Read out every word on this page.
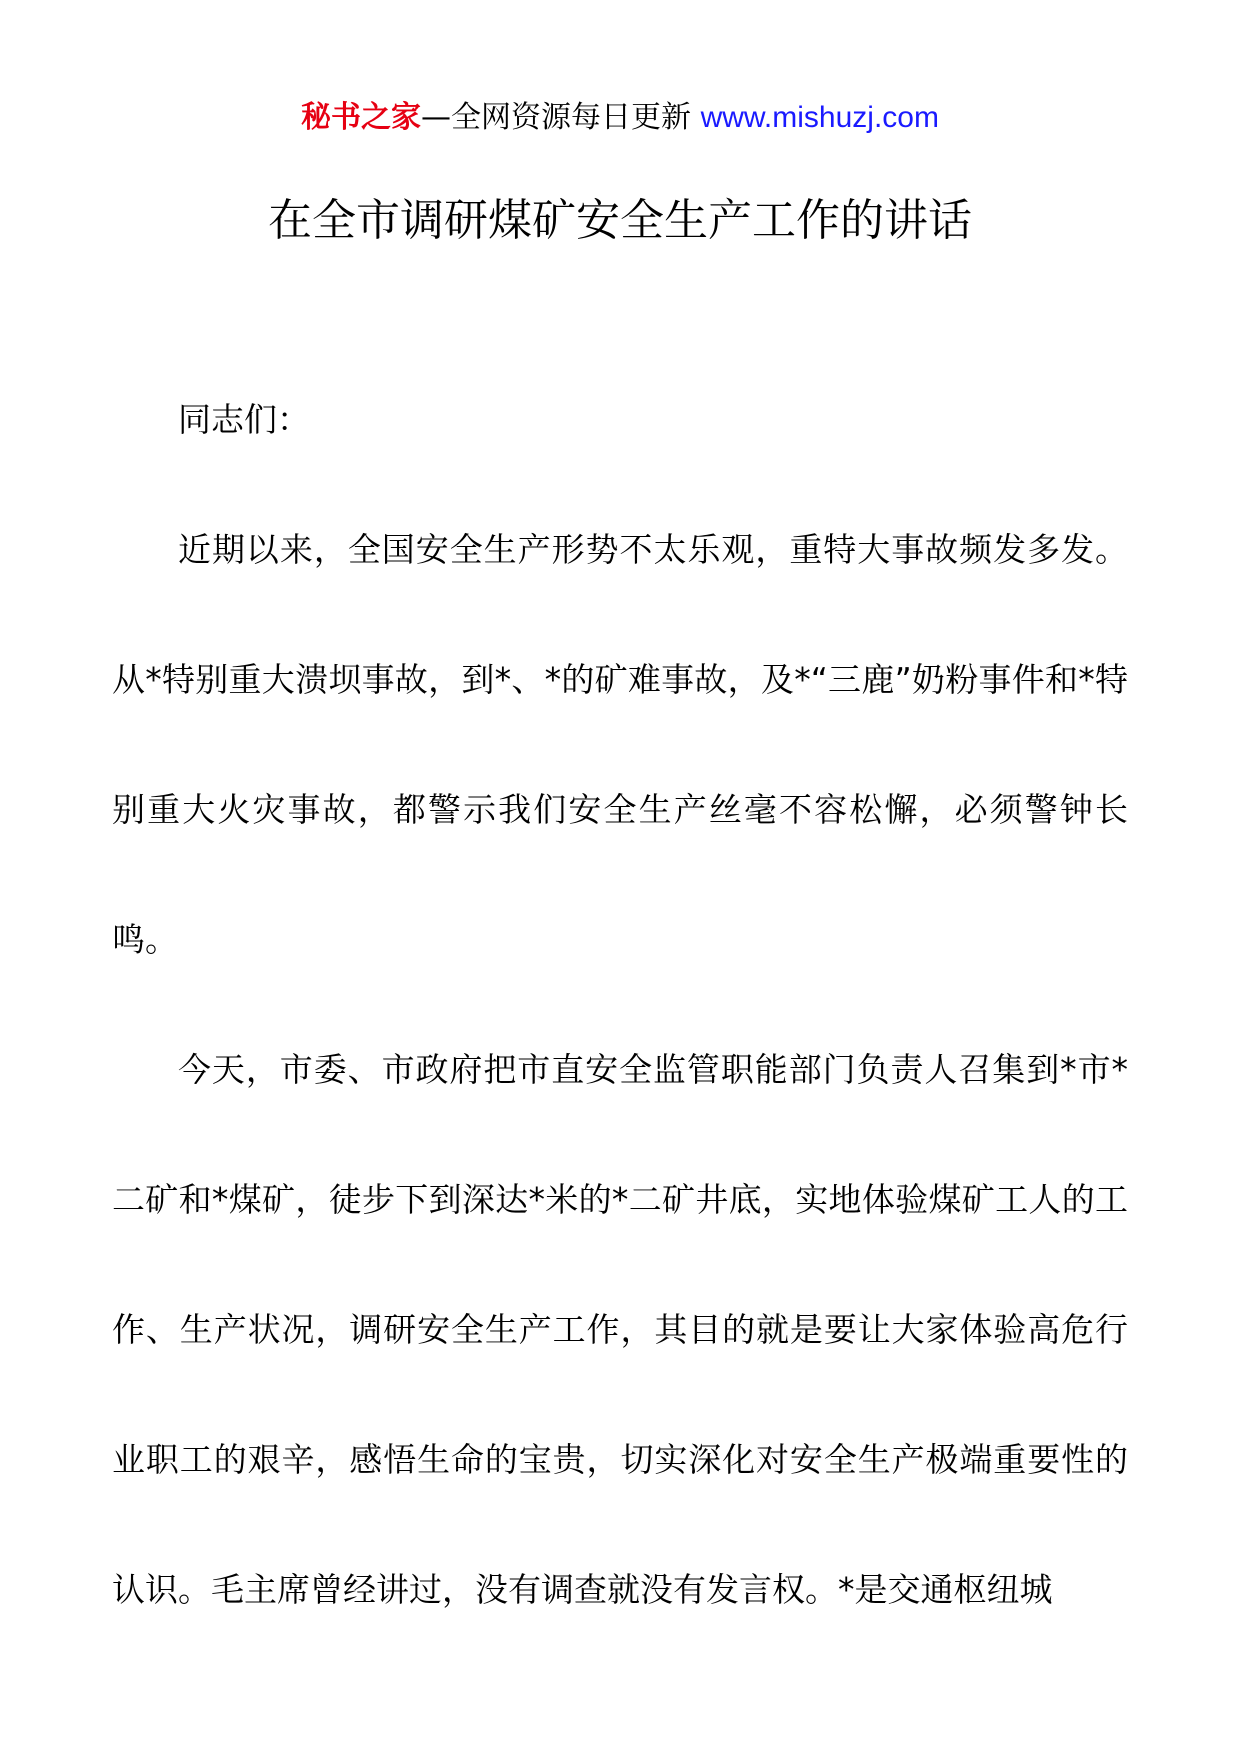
秘书之家—全网资源每日更新 www.mishuzj.com
在全市调研煤矿安全生产工作的讲话

同志们：

近期以来，全国安全生产形势不太乐观，重特大事故频发多发。从*特别重大溃坝事故，到*、*的矿难事故，及*“三鹿”奶粉事件和*特别重大火灾事故，都警示我们安全生产丝毫不容松懈，必须警钟长鸣。

今天，市委、市政府把市直安全监管职能部门负责人召集到*市*二矿和*煤矿，徒步下到深达*米的*二矿井底，实地体验煤矿工人的工作、生产状况，调研安全生产工作，其目的就是要让大家体验高危行业职工的艰辛，感悟生命的宝贵，切实深化对安全生产极端重要性的认识。毛主席曾经讲过，没有调查就没有发言权。*是交通枢纽城
